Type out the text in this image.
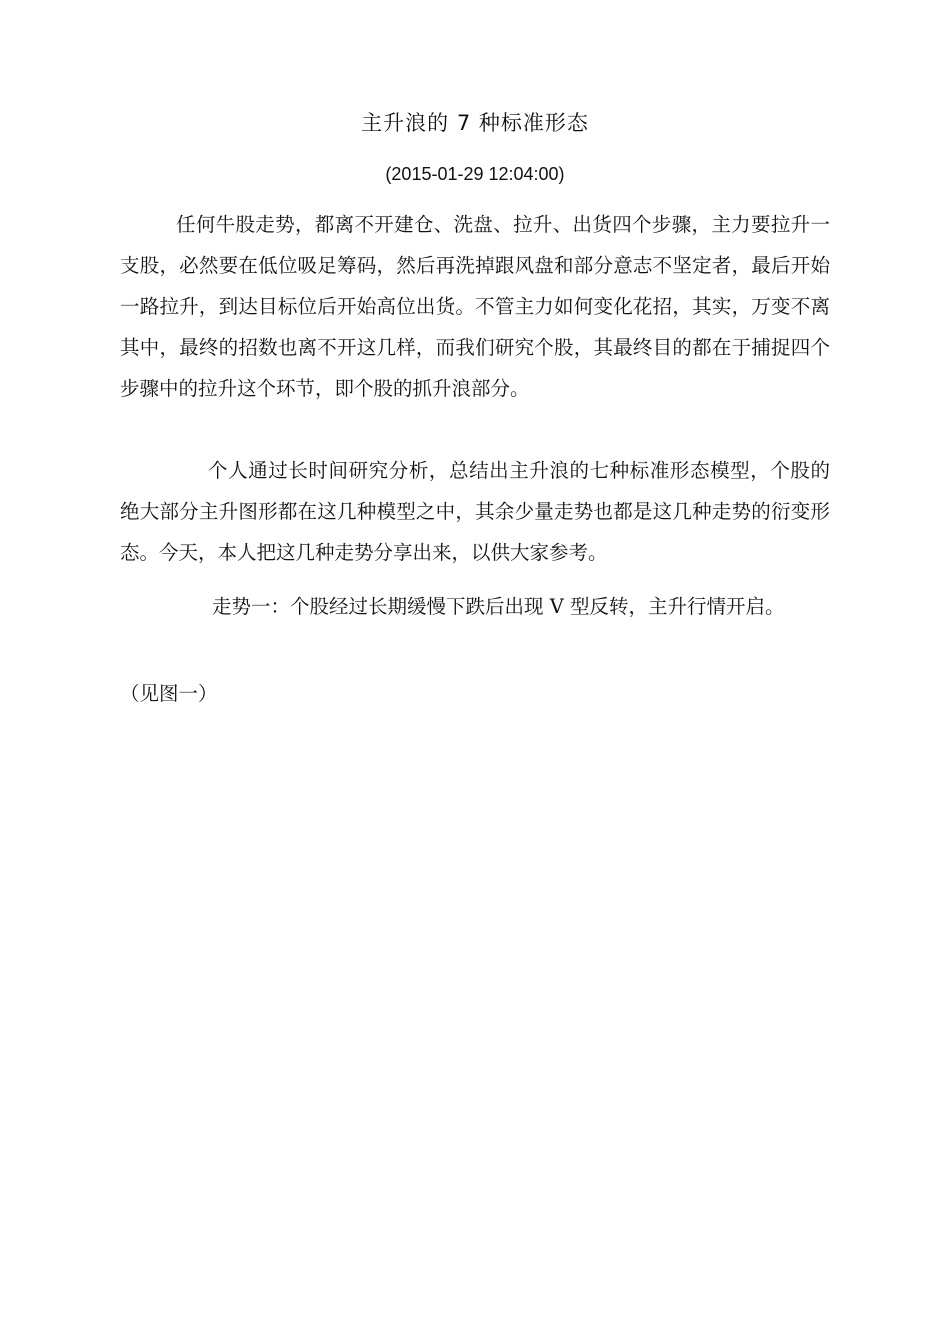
主升浪的 7 种标准形态
(2015-01-29 12:04:00)

任何牛股走势，都离不开建仓、洗盘、拉升、出货四个步骤，主力要拉升一支股，必然要在低位吸足筹码，然后再洗掉跟风盘和部分意志不坚定者，最后开始一路拉升，到达目标位后开始高位出货。不管主力如何变化花招，其实，万变不离其中，最终的招数也离不开这几样，而我们研究个股，其最终目的都在于捕捉四个步骤中的拉升这个环节，即个股的抓升浪部分。

个人通过长时间研究分析，总结出主升浪的七种标准形态模型，个股的绝大部分主升图形都在这几种模型之中，其余少量走势也都是这几种走势的衍变形态。今天，本人把这几种走势分享出来，以供大家参考。

走势一：个股经过长期缓慢下跌后出现 V 型反转，主升行情开启。

（见图一）
